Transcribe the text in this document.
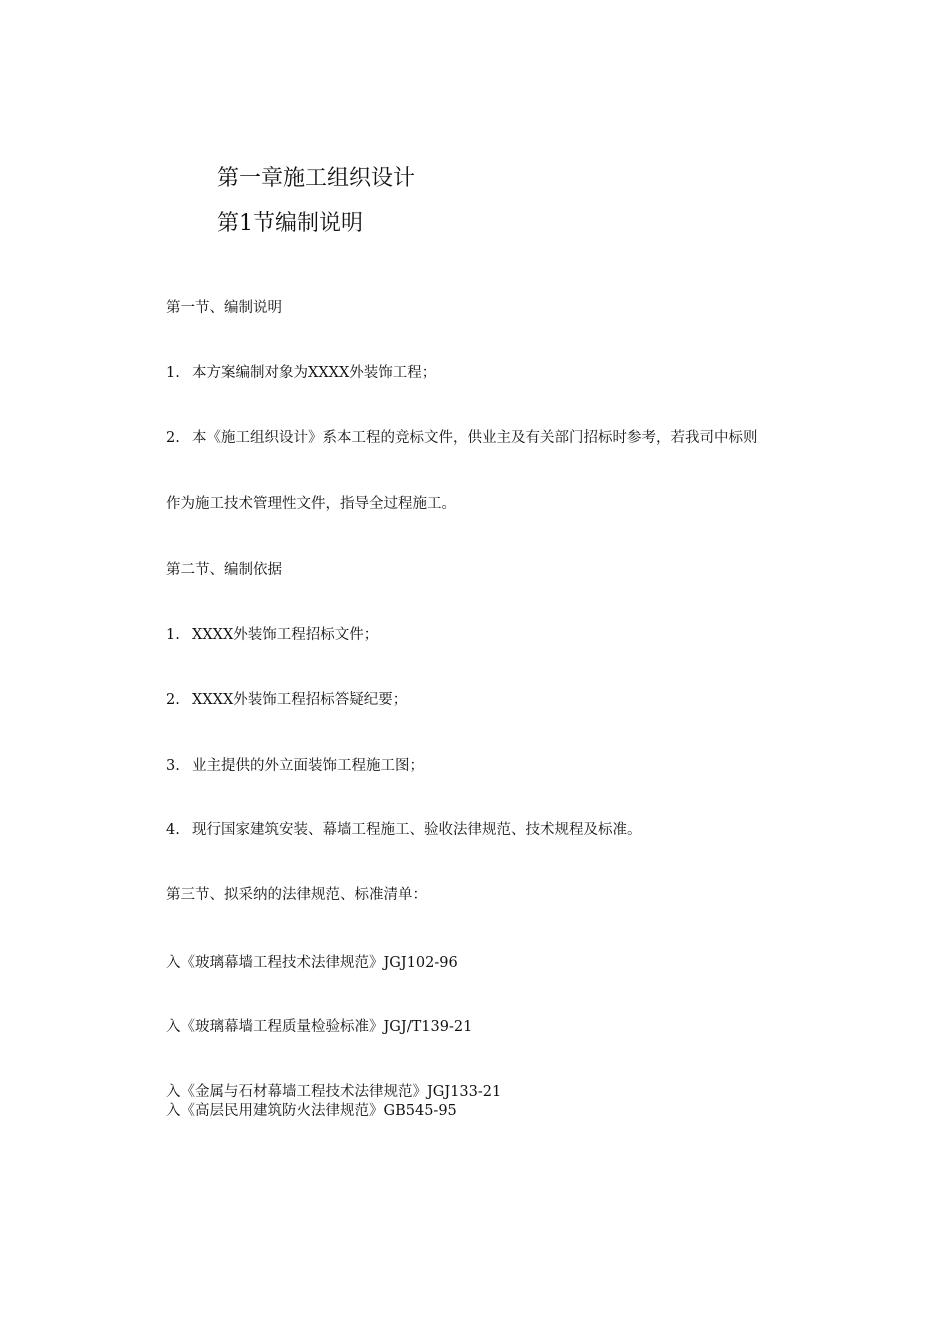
第一章施工组织设计
第1节编制说明
第一节、编制说明
1. 本方案编制对象为XXXX外装饰工程；
2. 本《施工组织设计》系本工程的竞标文件，供业主及有关部门招标时参考，若我司中标则
作为施工技术管理性文件，指导全过程施工。
第二节、编制依据
1. XXXX外装饰工程招标文件；
2. XXXX外装饰工程招标答疑纪要；
3. 业主提供的外立面装饰工程施工图；
4. 现行国家建筑安装、幕墙工程施工、验收法律规范、技术规程及标准。
第三节、拟采纳的法律规范、标准清单：
入《玻璃幕墙工程技术法律规范》JGJ102-96
入《玻璃幕墙工程质量检验标准》JGJ/T139-21
入《金属与石材幕墙工程技术法律规范》JGJ133-21
入《高层民用建筑防火法律规范》GB545-95
